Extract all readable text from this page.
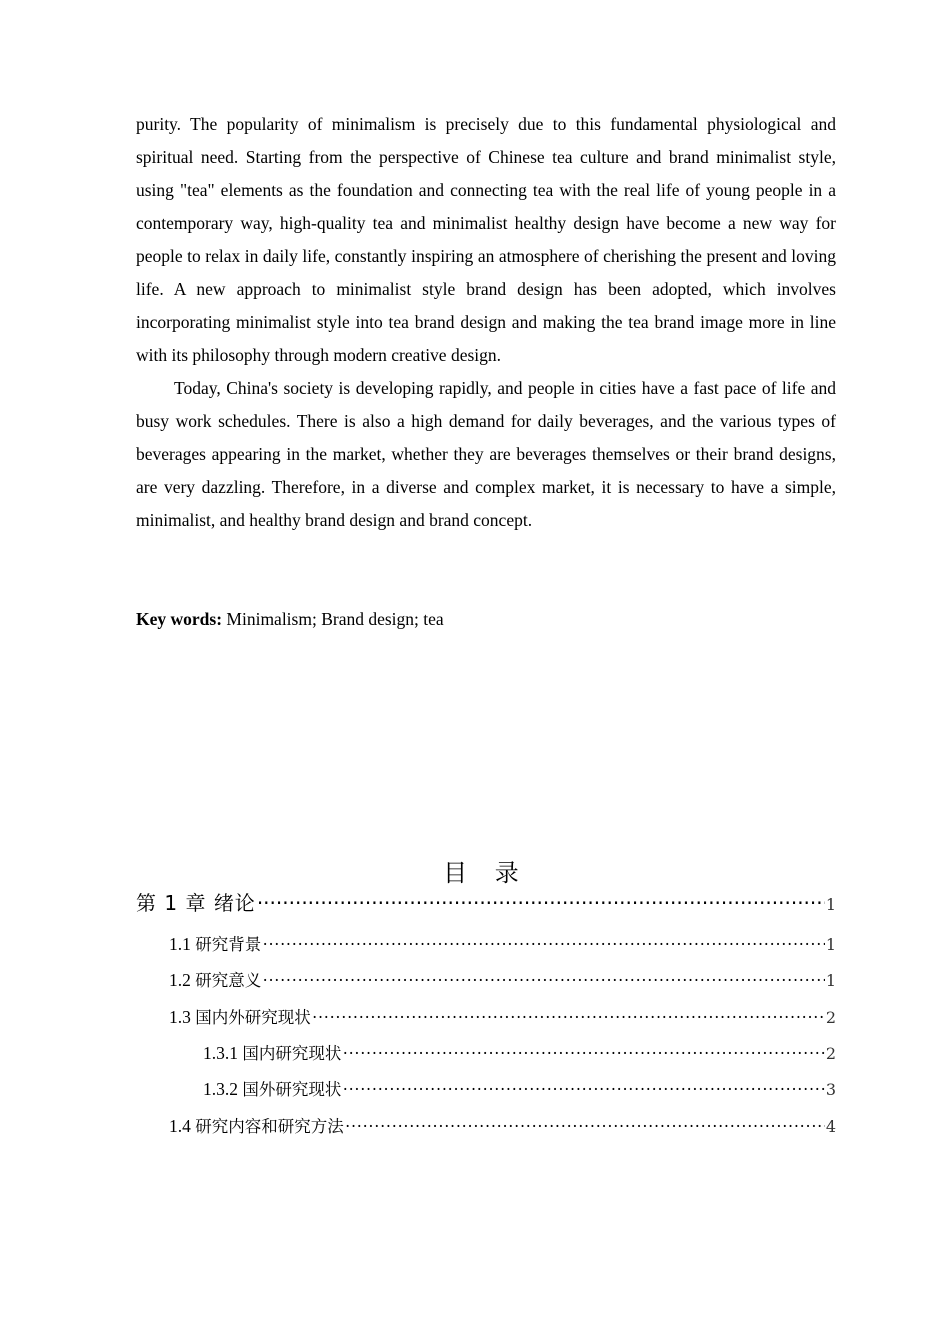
purity. The popularity of minimalism is precisely due to this fundamental physiological and spiritual need. Starting from the perspective of Chinese tea culture and brand minimalist style, using "tea" elements as the foundation and connecting tea with the real life of young people in a contemporary way, high-quality tea and minimalist healthy design have become a new way for people to relax in daily life, constantly inspiring an atmosphere of cherishing the present and loving life. A new approach to minimalist style brand design has been adopted, which involves incorporating minimalist style into tea brand design and making the tea brand image more in line with its philosophy through modern creative design.

Today, China's society is developing rapidly, and people in cities have a fast pace of life and busy work schedules. There is also a high demand for daily beverages, and the various types of beverages appearing in the market, whether they are beverages themselves or their brand designs, are very dazzling. Therefore, in a diverse and complex market, it is necessary to have a simple, minimalist, and healthy brand design and brand concept.

Key words: Minimalism; Brand design; tea
目 录
第 1 章 绪论 ·····	1
1.1 研究背景 ·····	1
1.2 研究意义 ·····	1
1.3 国内外研究现状 ·····	2
1.3.1 国内研究现状 ·····	2
1.3.2 国外研究现状 ·····	3
1.4 研究内容和研究方法 ·····	4
